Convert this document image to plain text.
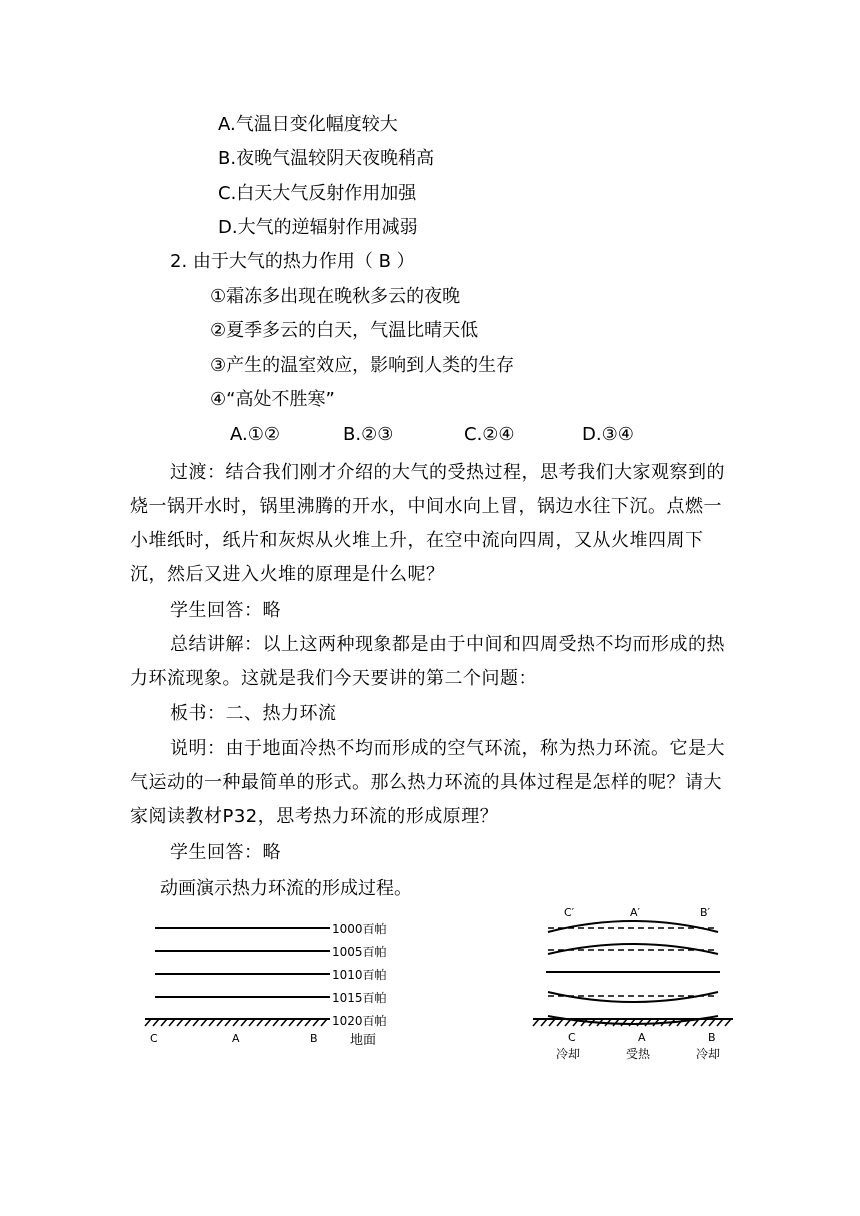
A.气温日变化幅度较大
B.夜晚气温较阴天夜晚稍高
C.白天大气反射作用加强
D.大气的逆辐射作用减弱
2. 由于大气的热力作用（ B ）
①霜冻多出现在晚秋多云的夜晚
②夏季多云的白天，气温比晴天低
③产生的温室效应，影响到人类的生存
④“高处不胜寒”
A.①②	B.②③	C.②④	D.③④
过渡：结合我们刚才介绍的大气的受热过程，思考我们大家观察到的烧一锅开水时，锅里沸腾的开水，中间水向上冒，锅边水往下沉。点燃一小堆纸时，纸片和灰烬从火堆上升，在空中流向四周，又从火堆四周下沉，然后又进入火堆的原理是什么呢？
学生回答：略
总结讲解：以上这两种现象都是由于中间和四周受热不均而形成的热力环流现象。这就是我们今天要讲的第二个问题：
板书：二、热力环流
说明：由于地面冷热不均而形成的空气环流，称为热力环流。它是大气运动的一种最简单的形式。那么热力环流的具体过程是怎样的呢？请大家阅读教材P32，思考热力环流的形成原理？
学生回答：略
动画演示热力环流的形成过程。
1000百帕
1005百帕
1010百帕
1015百帕
1020百帕
C	A	B 地面
C′	A′	B′
C	A	B
冷却	受热	冷却
